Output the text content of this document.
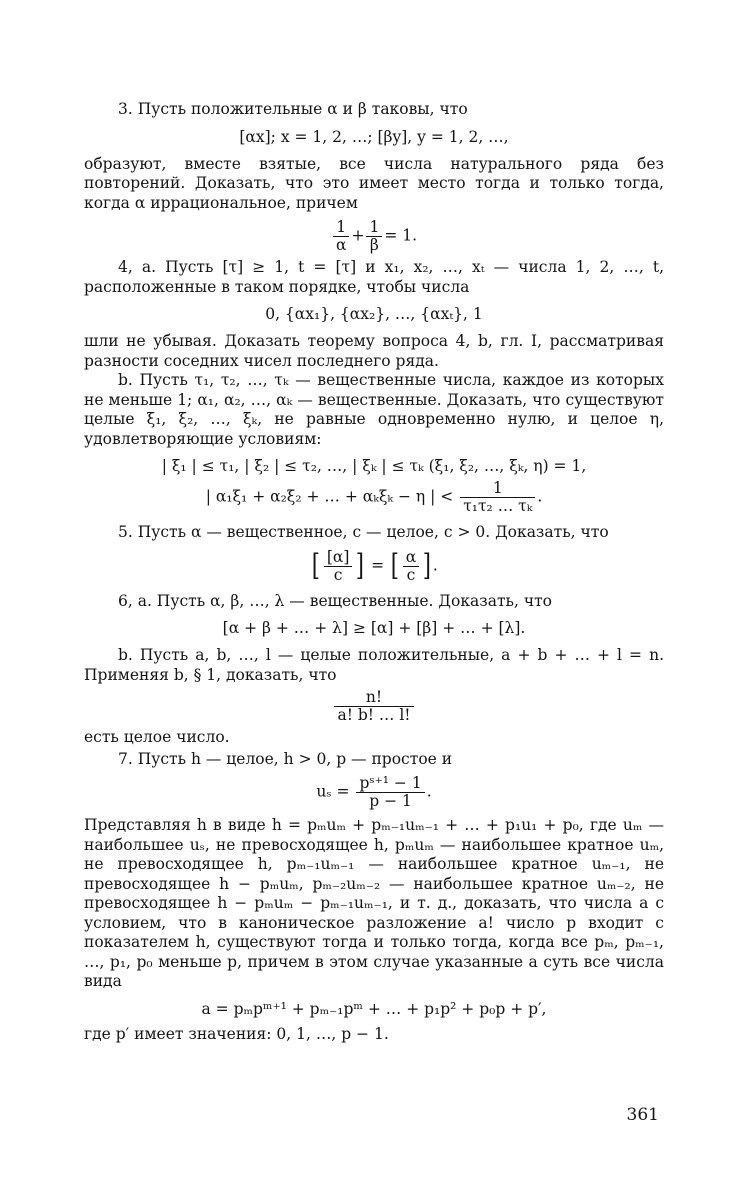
3. Пусть положительные α и β таковы, что

[αx]; x = 1, 2, …; [βy], y = 1, 2, …,

образуют, вместе взятые, все числа натурального ряда без повторений. Доказать, что это имеет место тогда и только тогда, когда α иррациональное, причем

$\frac{1}{\alpha} + \frac{1}{\beta} = 1$.

4, a. Пусть [τ] ≥ 1, t = [τ] и x₁, x₂, …, xₜ — числа 1, 2, …, t, расположенные в таком порядке, чтобы числа

0, {αx₁}, {αx₂}, …, {αxₜ}, 1

шли не убывая. Доказать теорему вопроса 4, b, гл. I, рассматривая разности соседних чисел последнего ряда.

b. Пусть τ₁, τ₂, …, τₖ — вещественные числа, каждое из которых не меньше 1; α₁, α₂, …, αₖ — вещественные. Доказать, что существуют целые ξ₁, ξ₂, …, ξₖ, не равные одновременно нулю, и целое η, удовлетворяющие условиям:

| ξ₁ | ≤ τ₁, | ξ₂ | ≤ τ₂, …, | ξₖ | ≤ τₖ (ξ₁, ξ₂, …, ξₖ, η) = 1,

| α₁ξ₁ + α₂ξ₂ + … + αₖξₖ − η | < $\frac{1}{\text{τ₁τ₂ … τₖ}}$ .

5. Пусть α — вещественное, c — целое, c > 0. Доказать, что

[ $\frac{[\alpha]}{c}$ ] = [ $\frac{\alpha}{c}$ ] .

6, a. Пусть α, β, …, λ — вещественные. Доказать, что

[α + β + … + λ] ≥ [α] + [β] + … + [λ].

b. Пусть a, b, …, l — целые положительные, a + b + … + l = n. Применяя b, § 1, доказать, что

$\frac{n!}{a! b! \dots l!}$

есть целое число.

7. Пусть h — целое, h > 0, p — простое и

$u_s = \frac{\text{pˢ⁺¹ − 1}}{p - 1}$ .

Представляя h в виде h = pₘuₘ + pₘ₋₁uₘ₋₁ + … + p₁u₁ + p₀, где uₘ — наибольшее uₛ, не превосходящее h, pₘuₘ — наибольшее кратное uₘ, не превосходящее h, pₘ₋₁uₘ₋₁ — наибольшее кратное uₘ₋₁, не превосходящее h − pₘuₘ, pₘ₋₂uₘ₋₂ — наибольшее кратное uₘ₋₂, не превосходящее h − pₘuₘ − pₘ₋₁uₘ₋₁, и т. д., доказать, что числа a с условием, что в каноническое разложение a! число p входит с показателем h, существуют тогда и только тогда, когда все pₘ, pₘ₋₁, …, p₁, p₀ меньше p, причем в этом случае указанные a суть все числа вида

a = pₘpᵐ⁺¹ + pₘ₋₁pᵐ + … + p₁p² + p₀p + p′,

где p′ имеет значения: 0, 1, …, p − 1.

361
